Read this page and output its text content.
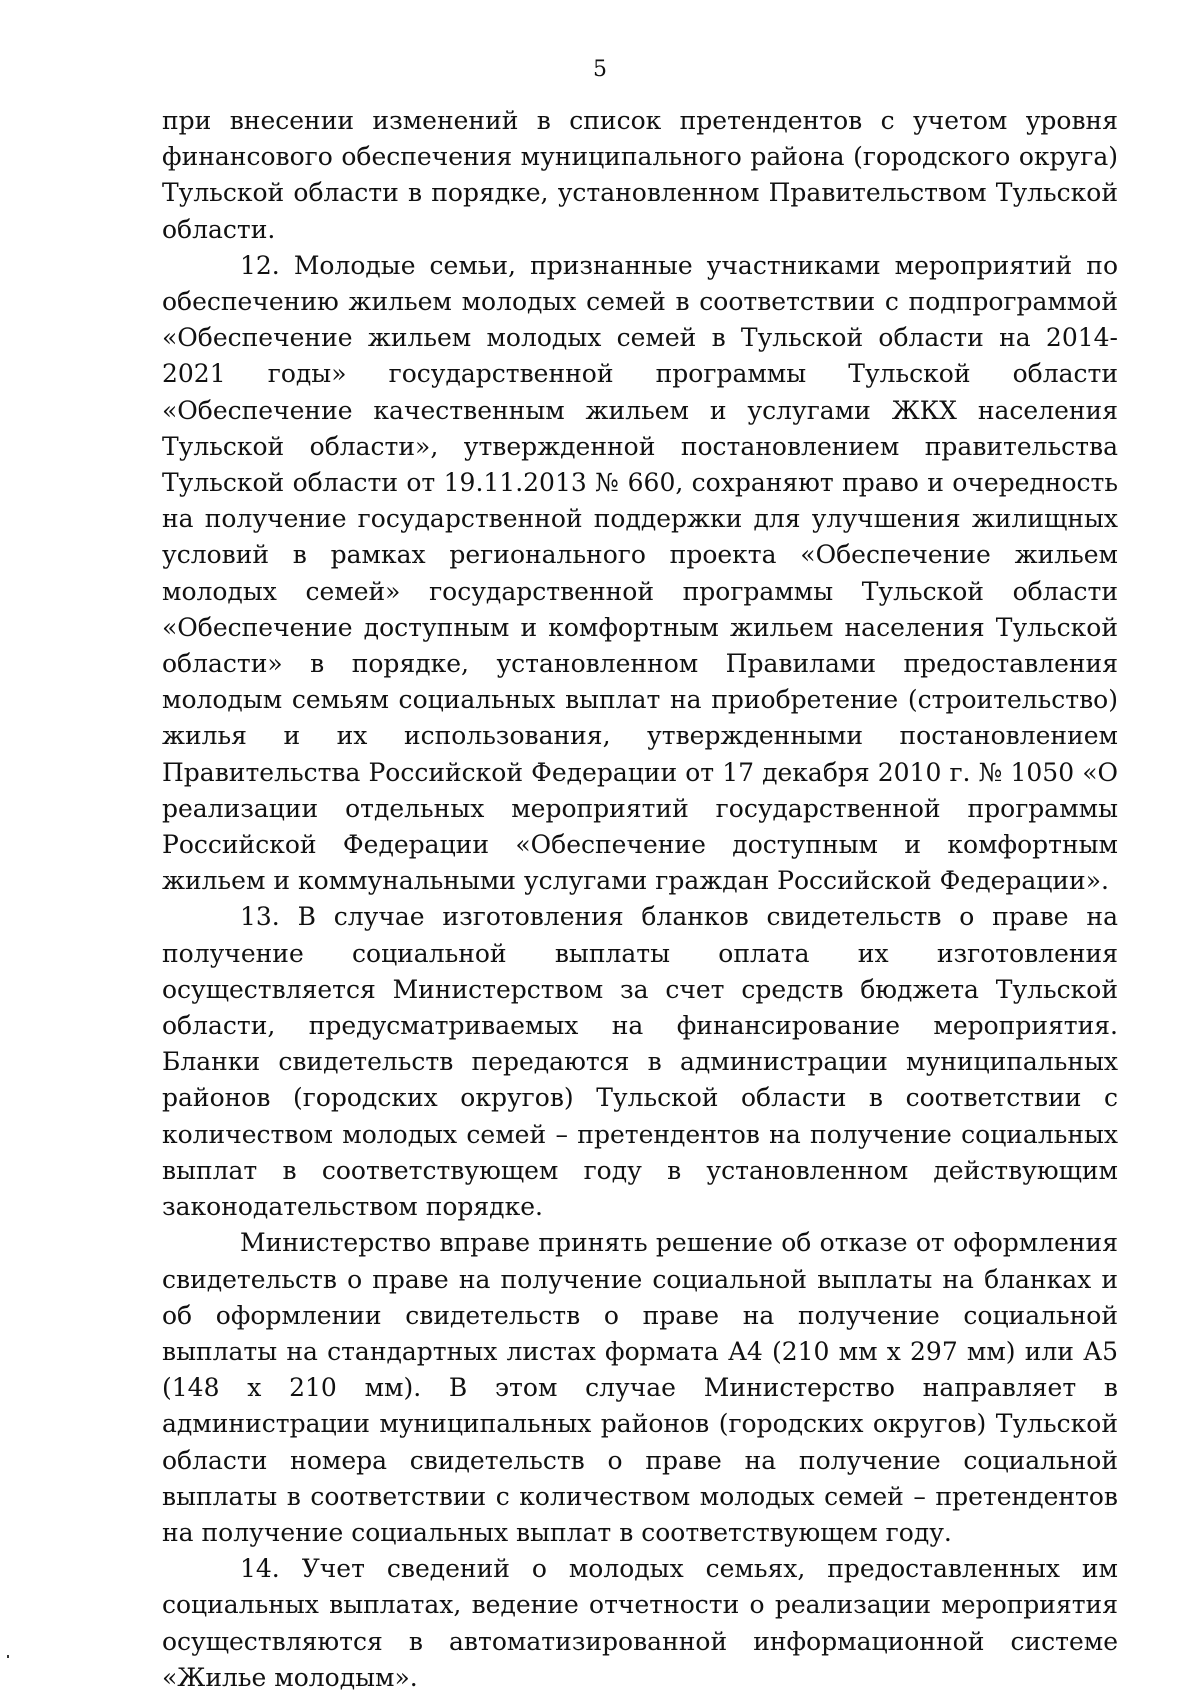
5

при внесении изменений в список претендентов с учетом уровня финансового обеспечения муниципального района (городского округа) Тульской области в порядке, установленном Правительством Тульской области.

12. Молодые семьи, признанные участниками мероприятий по обеспечению жильем молодых семей в соответствии с подпрограммой «Обеспечение жильем молодых семей в Тульской области на 2014-2021 годы» государственной программы Тульской области «Обеспечение качественным жильем и услугами ЖКХ населения Тульской области», утвержденной постановлением правительства Тульской области от 19.11.2013 № 660, сохраняют право и очередность на получение государственной поддержки для улучшения жилищных условий в рамках регионального проекта «Обеспечение жильем молодых семей» государственной программы Тульской области «Обеспечение доступным и комфортным жильем населения Тульской области» в порядке, установленном Правилами предоставления молодым семьям социальных выплат на приобретение (строительство) жилья и их использования, утвержденными постановлением Правительства Российской Федерации от 17 декабря 2010 г. № 1050 «О реализации отдельных мероприятий государственной программы Российской Федерации «Обеспечение доступным и комфортным жильем и коммунальными услугами граждан Российской Федерации».

13. В случае изготовления бланков свидетельств о праве на получение социальной выплаты оплата их изготовления осуществляется Министерством за счет средств бюджета Тульской области, предусматриваемых на финансирование мероприятия. Бланки свидетельств передаются в администрации муниципальных районов (городских округов) Тульской области в соответствии с количеством молодых семей – претендентов на получение социальных выплат в соответствующем году в установленном действующим законодательством порядке.

Министерство вправе принять решение об отказе от оформления свидетельств о праве на получение социальной выплаты на бланках и об оформлении свидетельств о праве на получение социальной выплаты на стандартных листах формата А4 (210 мм х 297 мм) или А5 (148 х 210 мм). В этом случае Министерство направляет в администрации муниципальных районов (городских округов) Тульской области номера свидетельств о праве на получение социальной выплаты в соответствии с количеством молодых семей – претендентов на получение социальных выплат в соответствующем году.

14. Учет сведений о молодых семьях, предоставленных им социальных выплатах, ведение отчетности о реализации мероприятия осуществляются в автоматизированной информационной системе «Жилье молодым».
